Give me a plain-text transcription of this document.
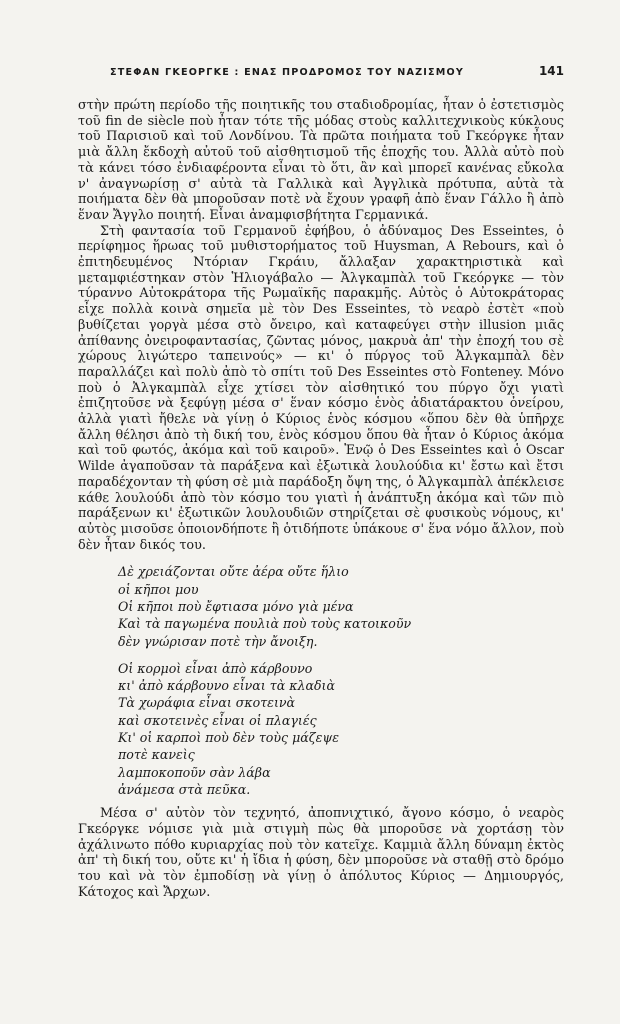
ΣΤΕΦΑΝ ΓΚΕΟΡΓΚΕ : ΕΝΑΣ ΠΡΟΔΡΟΜΟΣ ΤΟΥ ΝΑΖΙΣΜΟΥ	141

στὴν πρώτη περίοδο τῆς ποιητικῆς του σταδιοδρομίας, ἦταν ὁ ἐστετισμὸς τοῦ fin de siècle ποὺ ἦταν τότε τῆς μόδας στοὺς καλλιτεχνικοὺς κύκλους τοῦ Παρισιοῦ καὶ τοῦ Λονδίνου. Τὰ πρῶτα ποιήματα τοῦ Γκεόργκε ἦταν μιὰ ἄλλη ἔκδοχὴ αὐτοῦ τοῦ αἰσθητισμοῦ τῆς ἐποχῆς του. Ἀλλὰ αὐτὸ ποὺ τὰ κάνει τόσο ἐνδιαφέροντα εἶναι τὸ ὅτι, ἂν καὶ μπορεῖ κανένας εὔκολα ν' ἀναγνωρίσῃ σ' αὐτὰ τὰ Γαλλικὰ καὶ Ἀγγλικὰ πρότυπα, αὐτὰ τὰ ποιήματα δὲν θὰ μποροῦσαν ποτὲ νὰ ἔχουν γραφῆ ἀπὸ ἕναν Γάλλο ἢ ἀπὸ ἕναν Ἄγγλο ποιητή. Εἶναι ἀναμφισβήτητα Γερμανικά.

Στὴ φαντασία τοῦ Γερμανοῦ ἐφήβου, ὁ ἀδύναμος Des Esseintes, ὁ περίφημος ἥρωας τοῦ μυθιστορήματος τοῦ Huysman, A Rebours, καὶ ὁ ἐπιτηδευμένος Ντόριαν Γκράιυ, ἄλλαξαν χαρακτηριστικὰ καὶ μεταμφιέστηκαν στὸν Ἡλιογάβαλο — Ἀλγκαμπὰλ τοῦ Γκεόργκε — τὸν τύραννο Αὐτοκράτορα τῆς Ρωμαϊκῆς παρακμῆς. Αὐτὸς ὁ Αὐτοκράτορας εἶχε πολλὰ κοινὰ σημεῖα μὲ τὸν Des Esseintes, τὸ νεαρὸ ἐστὲτ «ποὺ βυθίζεται γοργὰ μέσα στὸ ὄνειρο, καὶ καταφεύγει στὴν illusion μιᾶς ἀπίθανης ὀνειροφαντασίας, ζῶντας μόνος, μακρυὰ ἀπ' τὴν ἐποχή του σὲ χώρους λιγώτερο ταπεινούς» — κι' ὁ πύργος τοῦ Ἀλγκαμπὰλ δὲν παραλλάζει καὶ πολὺ ἀπὸ τὸ σπίτι τοῦ Des Esseintes στὸ Fonteney. Μόνο ποὺ ὁ Ἀλγκαμπὰλ εἶχε χτίσει τὸν αἰσθητικό του πύργο ὄχι γιατὶ ἐπιζητοῦσε νὰ ξεφύγῃ μέσα σ' ἕναν κόσμο ἑνὸς ἀδιατάρακτου ὀνείρου, ἀλλὰ γιατὶ ἤθελε νὰ γίνῃ ὁ Κύριος ἑνὸς κόσμου «ὅπου δὲν θὰ ὑπῆρχε ἄλλη θέλησι ἀπὸ τὴ δική του, ἑνὸς κόσμου ὅπου θὰ ἦταν ὁ Κύριος ἀκόμα καὶ τοῦ φωτός, ἀκόμα καὶ τοῦ καιροῦ». Ἐνῷ ὁ Des Esseintes καὶ ὁ Oscar Wilde ἀγαποῦσαν τὰ παράξενα καὶ ἐξωτικὰ λουλούδια κι' ἔστω καὶ ἔτσι παραδέχονταν τὴ φύση σὲ μιὰ παράδοξη ὄψη της, ὁ Ἀλγκαμπὰλ ἀπέκλεισε κάθε λουλούδι ἀπὸ τὸν κόσμο του γιατὶ ἡ ἀνάπτυξη ἀκόμα καὶ τῶν πιὸ παράξενων κι' ἐξωτικῶν λουλουδιῶν στηρίζεται σὲ φυσικοὺς νόμους, κι' αὐτὸς μισοῦσε ὁποιονδήποτε ἢ ὁτιδήποτε ὑπάκουε σ' ἕνα νόμο ἄλλον, ποὺ δὲν ἦταν δικός του.

Δὲ χρειάζονται οὔτε ἀέρα οὔτε ἥλιο
οἱ κῆποι μου
Οἱ κῆποι ποὺ ἔφτιασα μόνο γιὰ μένα
Καὶ τὰ παγωμένα πουλιὰ ποὺ τοὺς κατοικοῦν
δὲν γνώρισαν ποτὲ τὴν ἄνοιξη.
Οἱ κορμοὶ εἶναι ἀπὸ κάρβουνο
κι' ἀπὸ κάρβουνο εἶναι τὰ κλαδιὰ
Τὰ χωράφια εἶναι σκοτεινὰ
καὶ σκοτεινὲς εἶναι οἱ πλαγιές
Κι' οἱ καρποὶ ποὺ δὲν τοὺς μάζεψε
ποτὲ κανεὶς
λαμποκοποῦν σὰν λάβα
ἀνάμεσα στὰ πεῦκα.

Μέσα σ' αὐτὸν τὸν τεχνητό, ἀποπνιχτικό, ἄγονο κόσμο, ὁ νεαρὸς Γκεόργκε νόμισε γιὰ μιὰ στιγμὴ πὼς θὰ μποροῦσε νὰ χορτάσῃ τὸν ἀχάλινωτο πόθο κυριαρχίας ποὺ τὸν κατεῖχε. Καμμιὰ ἄλλη δύναμη ἐκτὸς ἀπ' τὴ δική του, οὔτε κι' ἡ ἴδια ἡ φύση, δὲν μποροῦσε νὰ σταθῇ στὸ δρόμο του καὶ νὰ τὸν ἐμποδίσῃ νὰ γίνῃ ὁ ἀπόλυτος Κύριος — Δημιουργός, Κάτοχος καὶ Ἄρχων.
